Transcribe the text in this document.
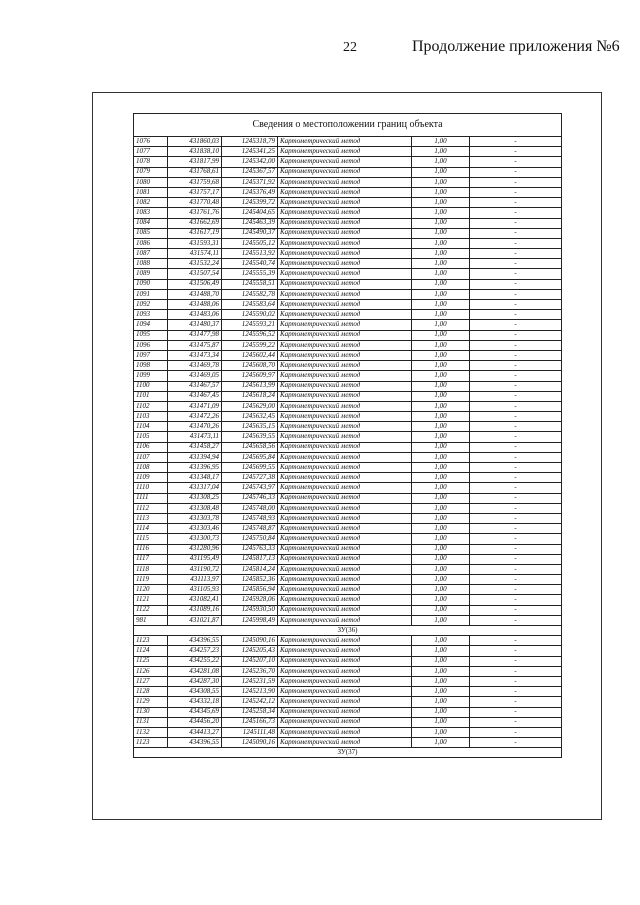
22	Продолжение приложения №6
Сведения о местоположении границ объекта					
1076	431860,03	1245318,79	Картометрический метод	1,00	-
1077	431838,10	1245341,25	Картометрический метод	1,00	-
1078	431817,99	1245342,00	Картометрический метод	1,00	-
1079	431768,61	1245367,57	Картометрический метод	1,00	-
1080	431759,68	1245371,92	Картометрический метод	1,00	-
1081	431757,17	1245376,49	Картометрический метод	1,00	-
1082	431770,48	1245399,72	Картометрический метод	1,00	-
1083	431761,76	1245404,65	Картометрический метод	1,00	-
1084	431662,69	1245463,39	Картометрический метод	1,00	-
1085	431617,19	1245490,37	Картометрический метод	1,00	-
1086	431593,31	1245505,12	Картометрический метод	1,00	-
1087	431574,11	1245513,92	Картометрический метод	1,00	-
1088	431532,24	1245540,74	Картометрический метод	1,00	-
1089	431507,54	1245555,39	Картометрический метод	1,00	-
1090	431506,49	1245558,51	Картометрический метод	1,00	-
1091	431488,70	1245582,78	Картометрический метод	1,00	-
1092	431488,06	1245583,64	Картометрический метод	1,00	-
1093	431483,06	1245590,02	Картометрический метод	1,00	-
1094	431480,37	1245593,21	Картометрический метод	1,00	-
1095	431477,98	1245596,52	Картометрический метод	1,00	-
1096	431475,87	1245599,22	Картометрический метод	1,00	-
1097	431473,34	1245602,44	Картометрический метод	1,00	-
1098	431469,78	1245608,70	Картометрический метод	1,00	-
1099	431469,05	1245609,97	Картометрический метод	1,00	-
1100	431467,57	1245613,99	Картометрический метод	1,00	-
1101	431467,45	1245618,24	Картометрический метод	1,00	-
1102	431471,09	1245629,00	Картометрический метод	1,00	-
1103	431472,26	1245632,45	Картометрический метод	1,00	-
1104	431470,26	1245635,15	Картометрический метод	1,00	-
1105	431473,11	1245639,55	Картометрический метод	1,00	-
1106	431458,27	1245658,56	Картометрический метод	1,00	-
1107	431394,94	1245695,84	Картометрический метод	1,00	-
1108	431396,95	1245699,55	Картометрический метод	1,00	-
1109	431348,17	1245727,38	Картометрический метод	1,00	-
1110	431317,04	1245743,97	Картометрический метод	1,00	-
1111	431308,25	1245746,33	Картометрический метод	1,00	-
1112	431308,48	1245748,00	Картометрический метод	1,00	-
1113	431303,78	1245748,93	Картометрический метод	1,00	-
1114	431303,46	1245748,87	Картометрический метод	1,00	-
1115	431300,73	1245750,84	Картометрический метод	1,00	-
1116	431280,96	1245763,33	Картометрический метод	1,00	-
1117	431195,49	1245817,13	Картометрический метод	1,00	-
1118	431190,72	1245814,24	Картометрический метод	1,00	-
1119	431113,97	1245852,36	Картометрический метод	1,00	-
1120	431105,93	1245856,94	Картометрический метод	1,00	-
1121	431082,41	1245928,06	Картометрический метод	1,00	-
1122	431089,16	1245930,50	Картометрический метод	1,00	-
981	431021,87	1245998,49	Картометрический метод	1,00	-
ЗУ(36)					
1123	434396,55	1245090,16	Картометрический метод	1,00	-
1124	434257,23	1245205,43	Картометрический метод	1,00	-
1125	434255,22	1245207,10	Картометрический метод	1,00	-
1126	434281,08	1245236,70	Картометрический метод	1,00	-
1127	434287,30	1245231,59	Картометрический метод	1,00	-
1128	434308,55	1245213,90	Картометрический метод	1,00	-
1129	434332,18	1245242,12	Картометрический метод	1,00	-
1130	434345,69	1245258,34	Картометрический метод	1,00	-
1131	434456,20	1245166,73	Картометрический метод	1,00	-
1132	434413,27	1245111,48	Картометрический метод	1,00	-
1123	434396,55	1245090,16	Картометрический метод	1,00	-
ЗУ(37)					
